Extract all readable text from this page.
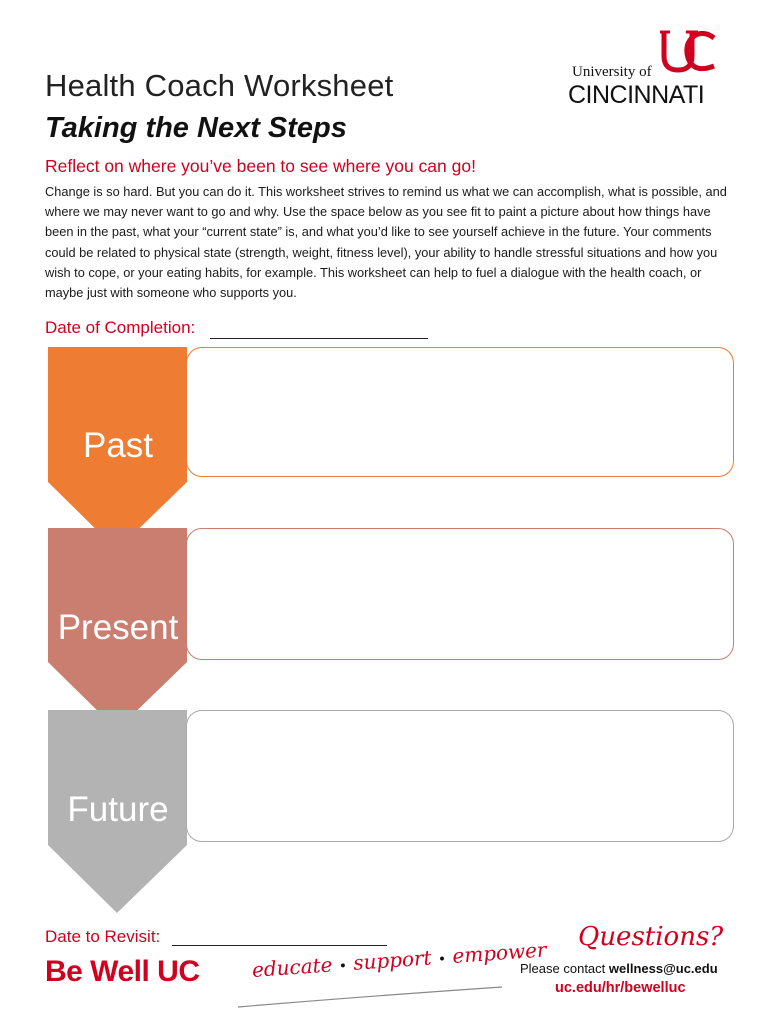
Health Coach Worksheet
Taking the Next Steps
Reflect on where you’ve been to see where you can go!
Change is so hard. But you can do it. This worksheet strives to remind us what we can accomplish, what is possible, and where we may never want to go and why. Use the space below as you see fit to paint a picture about how things have been in the past, what your “current state” is, and what you’d like to see yourself achieve in the future. Your comments could be related to physical state (strength, weight, fitness level), your ability to handle stressful situations and how you wish to cope, or your eating habits, for example. This worksheet can help to fuel a dialogue with the health coach, or maybe just with someone who supports you.
University of
CINCINNATI
Date of Completion:
Past
Present
Future
Date to Revisit:
Be Well UC	educate • support • empower
Questions?
Please contact wellness@uc.edu
uc.edu/hr/bewelluc
